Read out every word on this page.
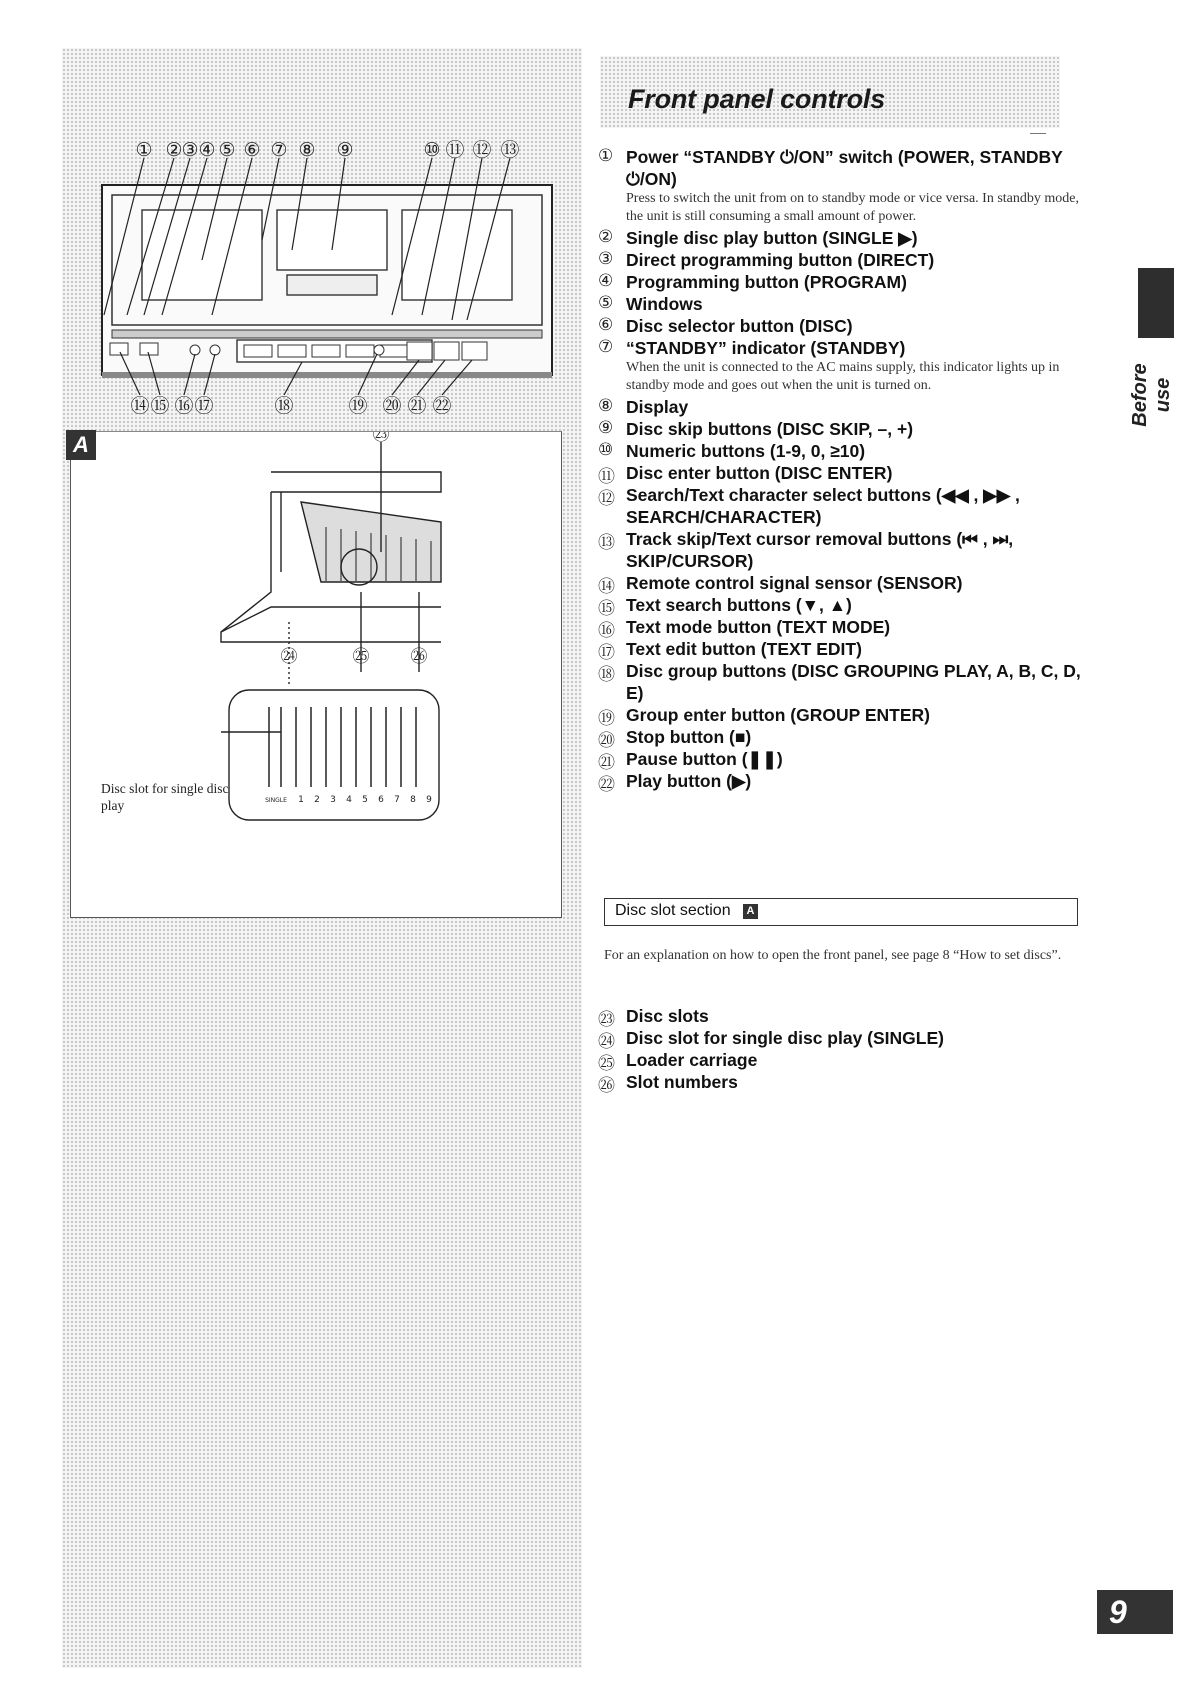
Front panel controls
① ②
③ ④ ⑤ ⑥ ⑦ ⑧ ⑨	⑩ ⑪ ⑫ ⑬
⑭ ⑮ ⑯ ⑰	⑱	⑲ ⑳ ㉑ ㉒
SINGLE 1 2 3 4 5 6 7 8 9
㉓
㉔	㉕ ㉖
A
Disc slot for single disc play
① Power “STANDBY ⏻/ON” switch (POWER, STANDBY ⏻/ON)
Press to switch the unit from on to standby mode or vice versa. In standby mode, the unit is still consuming a small amount of power.
② Single disc play button (SINGLE ▶)
③ Direct programming button (DIRECT)
④ Programming button (PROGRAM)
⑤ Windows
⑥ Disc selector button (DISC)
⑦ “STANDBY” indicator (STANDBY)
When the unit is connected to the AC mains supply, this indicator lights up in standby mode and goes out when the unit is turned on.
⑧ Display
⑨ Disc skip buttons (DISC SKIP, –, +)
⑩ Numeric buttons (1-9, 0, ≥10)
⑪ Disc enter button (DISC ENTER)
⑫ Search/Text character select buttons (◀◀ , ▶▶ , SEARCH/CHARACTER)
⑬ Track skip/Text cursor removal buttons (⏮ , ⏭, SKIP/CURSOR)
⑭ Remote control signal sensor (SENSOR)
⑮ Text search buttons (▼, ▲)
⑯ Text mode button (TEXT MODE)
⑰ Text edit button (TEXT EDIT)
⑱ Disc group buttons (DISC GROUPING PLAY, A, B, C, D, E)
⑲ Group enter button (GROUP ENTER)
⑳ Stop button (■)
㉑ Pause button (❚❚)
㉒ Play button (▶)
Before use
Disc slot section	A
For an explanation on how to open the front panel, see page 8 “How to set discs”.
㉓ Disc slots
㉔ Disc slot for single disc play (SINGLE)
㉕ Loader carriage
㉖ Slot numbers
9
